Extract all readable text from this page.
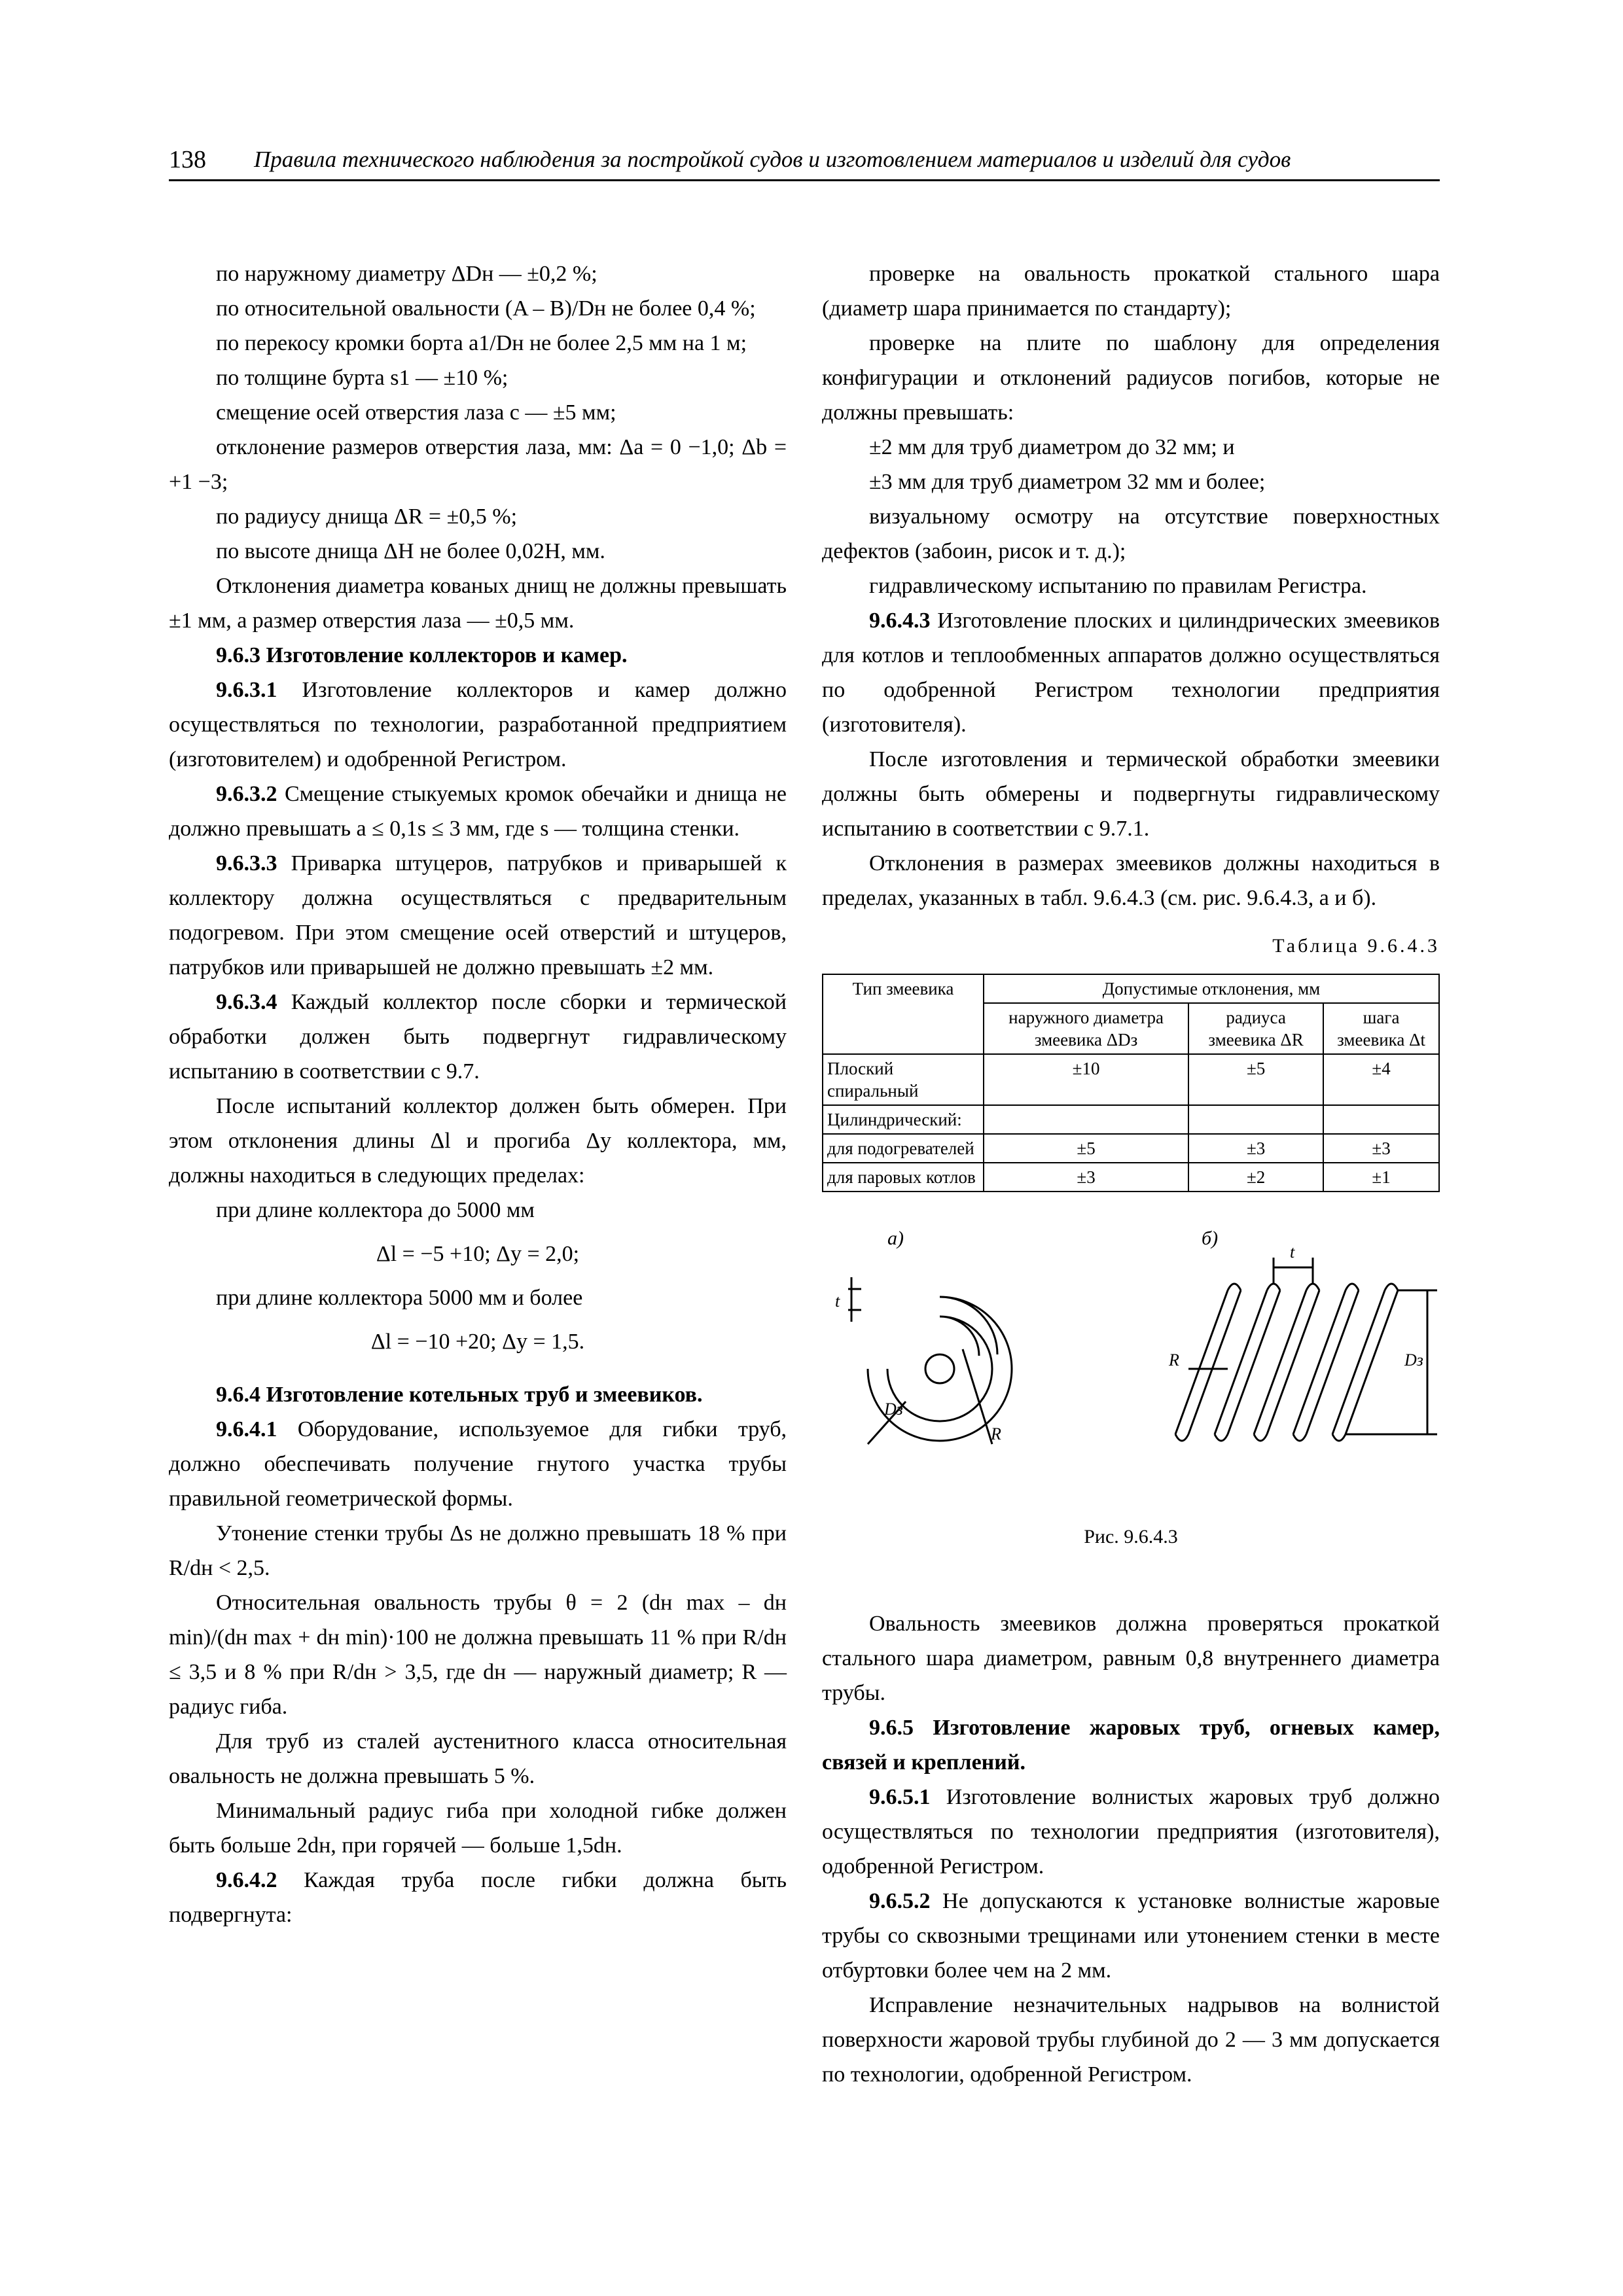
138 Правила технического наблюдения за постройкой судов и изготовлением материалов и изделий для судов

по наружному диаметру ΔDн — ±0,2 %;

по относительной овальности (A – B)/Dн не более 0,4 %;

по перекосу кромки борта a1/Dн не более 2,5 мм на 1 м;

по толщине бурта s1 — ±10 %;

смещение осей отверстия лаза c — ±5 мм;

отклонение размеров отверстия лаза, мм: Δa = 0 −1,0; Δb = +1 −3;

по радиусу днища ΔR = ±0,5 %;

по высоте днища ΔH не более 0,02H, мм.

Отклонения диаметра кованых днищ не должны превышать ±1 мм, а размер отверстия лаза — ±0,5 мм.

9.6.3 Изготовление коллекторов и камер.

9.6.3.1 Изготовление коллекторов и камер должно осуществляться по технологии, разработанной предприятием (изготовителем) и одобренной Регистром.

9.6.3.2 Смещение стыкуемых кромок обечайки и днища не должно превышать a ≤ 0,1s ≤ 3 мм, где s — толщина стенки.

9.6.3.3 Приварка штуцеров, патрубков и приварышей к коллектору должна осуществляться с предварительным подогревом. При этом смещение осей отверстий и штуцеров, патрубков или приварышей не должно превышать ±2 мм.

9.6.3.4 Каждый коллектор после сборки и термической обработки должен быть подвергнут гидравлическому испытанию в соответствии с 9.7.

После испытаний коллектор должен быть обмерен. При этом отклонения длины Δl и прогиба Δy коллектора, мм, должны находиться в следующих пределах:

при длине коллектора до 5000 мм

Δl = −5 +10; Δy = 2,0;

при длине коллектора 5000 мм и более

Δl = −10 +20; Δy = 1,5.

9.6.4 Изготовление котельных труб и змеевиков.

9.6.4.1 Оборудование, используемое для гибки труб, должно обеспечивать получение гнутого участка трубы правильной геометрической формы.

Утонение стенки трубы Δs не должно превышать 18 % при R/dн < 2,5.

Относительная овальность трубы θ = 2 (dн max – dн min)/(dн max + dн min)·100 не должна превышать 11 % при R/dн ≤ 3,5 и 8 % при R/dн > 3,5, где dн — наружный диаметр; R — радиус гиба.

Для труб из сталей аустенитного класса относительная овальность не должна превышать 5 %.

Минимальный радиус гиба при холодной гибке должен быть больше 2dн, при горячей — больше 1,5dн.

9.6.4.2 Каждая труба после гибки должна быть подвергнута:

проверке на овальность прокаткой стального шара (диаметр шара принимается по стандарту);

проверке на плите по шаблону для определения конфигурации и отклонений радиусов погибов, которые не должны превышать:

±2 мм для труб диаметром до 32 мм; и

±3 мм для труб диаметром 32 мм и более;

визуальному осмотру на отсутствие поверхностных дефектов (забоин, рисок и т. д.);

гидравлическому испытанию по правилам Регистра.

9.6.4.3 Изготовление плоских и цилиндрических змеевиков для котлов и теплообменных аппаратов должно осуществляться по одобренной Регистром технологии предприятия (изготовителя).

После изготовления и термической обработки змеевики должны быть обмерены и подвергнуты гидравлическому испытанию в соответствии с 9.7.1.

Отклонения в размерах змеевиков должны находиться в пределах, указанных в табл. 9.6.4.3 (см. рис. 9.6.4.3, а и б).

Таблица 9.6.4.3

Тип змеевика	Допустимые отклонения, мм		
	наружного диаметра змеевика ΔDз	радиуса змеевика ΔR	шага змеевика Δt
Плоский спиральный	±10	±5	±4
Цилиндрический:			
для подогревателей	±5	±3	±3
для паровых котлов	±3	±2	±1
а)
t
Dз
R
б)
t
R	Dз

Рис. 9.6.4.3

Овальность змеевиков должна проверяться прокаткой стального шара диаметром, равным 0,8 внутреннего диаметра трубы.

9.6.5 Изготовление жаровых труб, огневых камер, связей и креплений.

9.6.5.1 Изготовление волнистых жаровых труб должно осуществляться по технологии предприятия (изготовителя), одобренной Регистром.

9.6.5.2 Не допускаются к установке волнистые жаровые трубы со сквозными трещинами или утонением стенки в месте отбуртовки более чем на 2 мм.

Исправление незначительных надрывов на волнистой поверхности жаровой трубы глубиной до 2 — 3 мм допускается по технологии, одобренной Регистром.
